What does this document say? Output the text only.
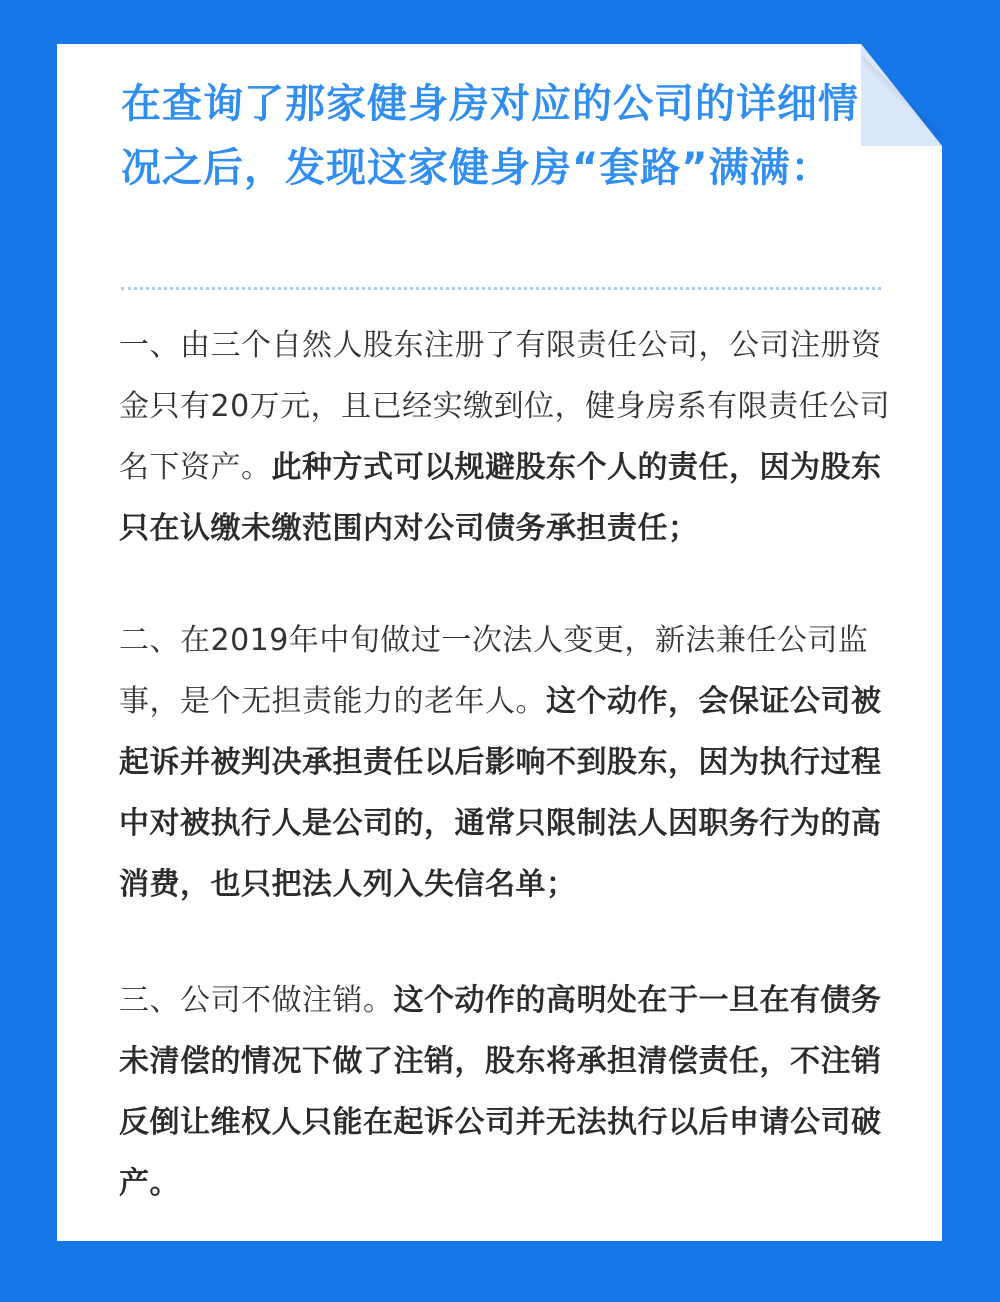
在查询了那家健身房对应的公司的详细情况之后，发现这家健身房“套路”满满：

一、由三个自然人股东注册了有限责任公司，公司注册资金只有20万元，且已经实缴到位，健身房系有限责任公司名下资产。此种方式可以规避股东个人的责任，因为股东只在认缴未缴范围内对公司债务承担责任；

二、在2019年中旬做过一次法人变更，新法兼任公司监事，是个无担责能力的老年人。这个动作，会保证公司被起诉并被判决承担责任以后影响不到股东，因为执行过程中对被执行人是公司的，通常只限制法人因职务行为的高消费，也只把法人列入失信名单；

三、公司不做注销。这个动作的高明处在于一旦在有债务未清偿的情况下做了注销，股东将承担清偿责任，不注销反倒让维权人只能在起诉公司并无法执行以后申请公司破产。
